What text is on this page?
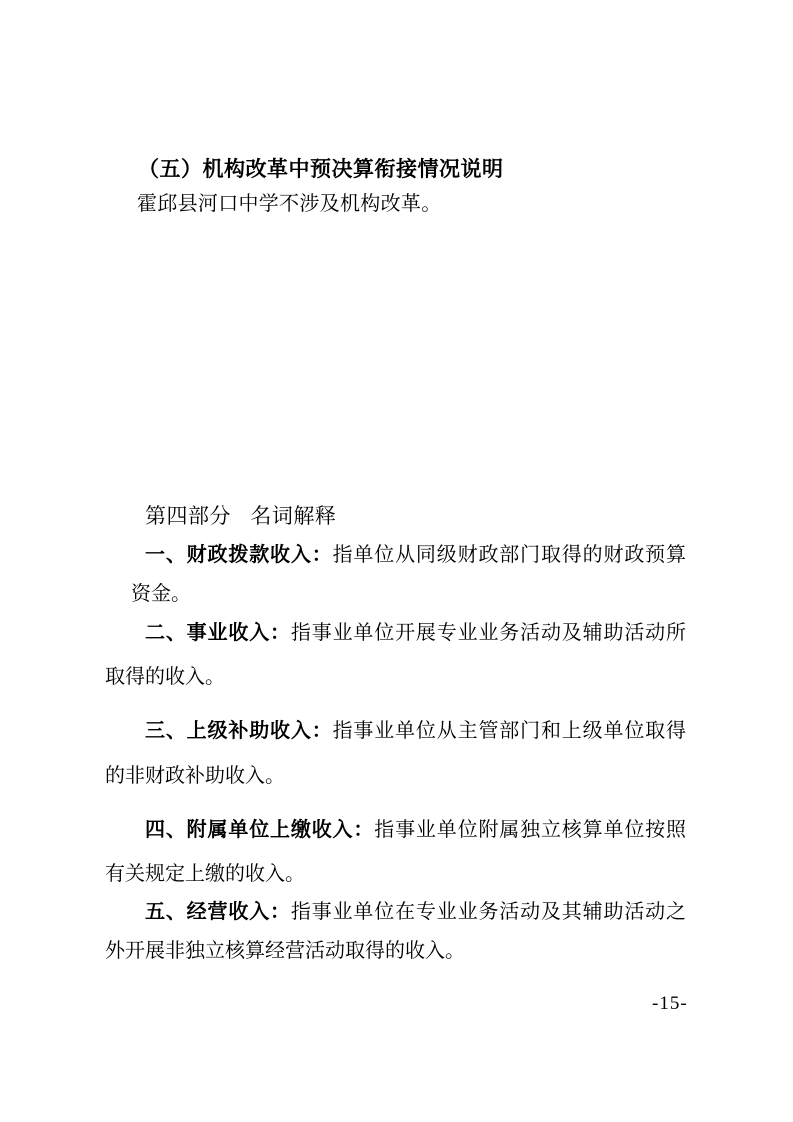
（五）机构改革中预决算衔接情况说明
霍邱县河口中学不涉及机构改革。
第四部分 名词解释
一、财政拨款收入：指单位从同级财政部门取得的财政预算
资金。
二、事业收入：指事业单位开展专业业务活动及辅助活动所
取得的收入。
三、上级补助收入：指事业单位从主管部门和上级单位取得
的非财政补助收入。
四、附属单位上缴收入：指事业单位附属独立核算单位按照
有关规定上缴的收入。
五、经营收入：指事业单位在专业业务活动及其辅助活动之
外开展非独立核算经营活动取得的收入。
-15-
